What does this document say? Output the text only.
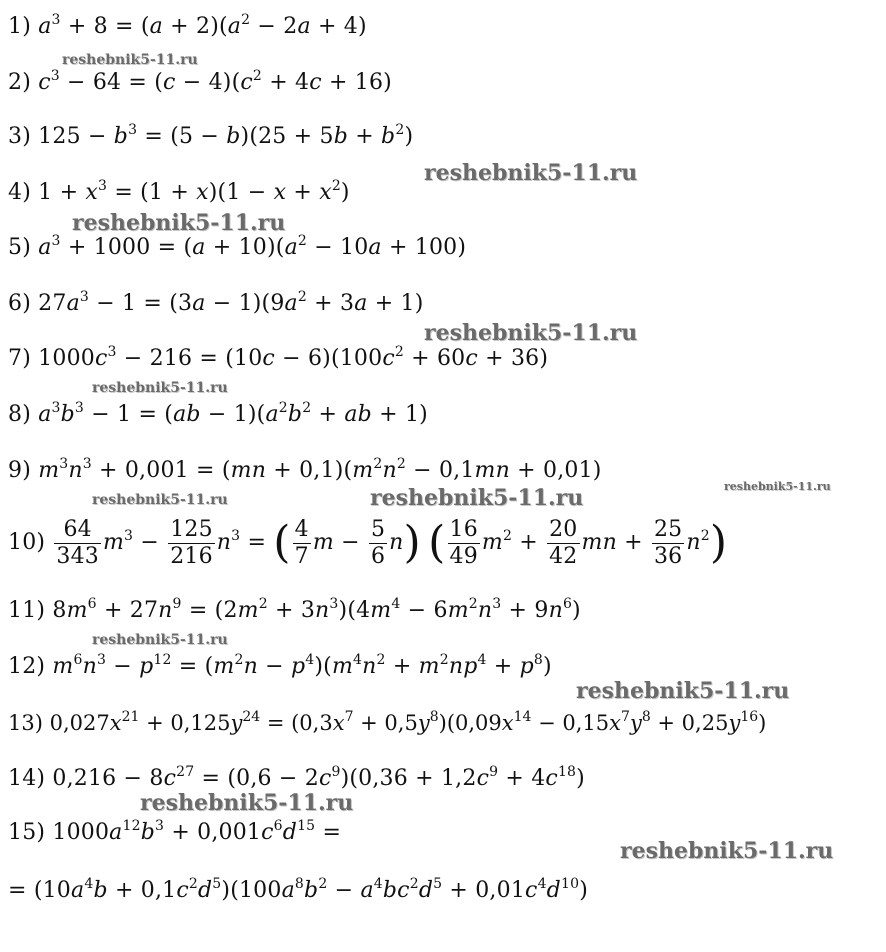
1) $a^3 + 8 = (a + 2)(a^2 - 2a + 4)$
2) $c^3 - 64 = (c - 4)(c^2 + 4c + 16)$
3) $125 - b^3 = (5 - b)(25 + 5b + b^2)$
4) $1 + x^3 = (1 + x)(1 - x + x^2)$
5) $a^3 + 1000 = (a + 10)(a^2 - 10a + 100)$
6) $27a^3 - 1 = (3a - 1)(9a^2 + 3a + 1)$
7) $1000c^3 - 216 = (10c - 6)(100c^2 + 60c + 36)$
8) $a^3b^3 - 1 = (ab - 1)(a^2b^2$ + ab + 1)
9) $m^3n^3 + 0,001 = (mn + 0,1)(m^2n^2 - 0,1mn + 0,01)$
$10) \frac{64}{343} m^3 - \frac{125}{216} n^3$ = ( $\frac{4}{7}$ $m - \frac{5}{6} n$) ( $\frac{16}{49} m^2 + \frac{20}{42}$ mn + $\frac{25}{36} n^2$)
11) $8m^6 + 27n^9 = (2m^2 + 3n^3)(4m^4 - 6m^2n^3 + 9n^6)$
12) $m^6n^3 - p^{12} = (m^2n - p^4)(m^4n^2 + m^2np^4 + p^8)$
13) $0,027x^{21} + 0,125y^{24} = (0,3x^7 + 0,5y^8)(0,09x^{14} - 0,15x^7y^8 + 0,25y^{16})$
14) $0,216 - 8c^{27} = (0,6 - 2c^9)(0,36 + 1,2c^9 + 4c^{18})$
15) $1000a^{12}b^3 + 0,001c^6d^{15}$ =
= $(10a^4b + 0,1c^2d^5)(100a^8b^2 - a^4bc^2d^5 + 0,01c^4d^{10})$
reshebnik5-11.ru
reshebnik5-11.ru
reshebnik5-11.ru
reshebnik5-11.ru
reshebnik5-11.ru
reshebnik5-11.ru
reshebnik5-11.ru
reshebnik5-11.ru
reshebnik5-11.ru
reshebnik5-11.ru
reshebnik5-11.ru
reshebnik5-11.ru
